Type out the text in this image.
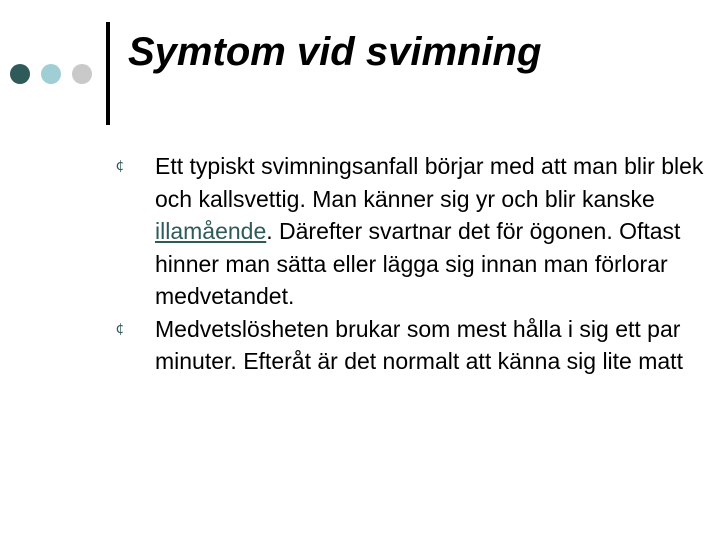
Symtom vid svimning
¢ Ett typiskt svimningsanfall börjar med att man blir blek och kallsvettig. Man känner sig yr och blir kanske illamående. Därefter svartnar det för ögonen. Oftast hinner man sätta eller lägga sig innan man förlorar medvetandet.
¢ Medvetslösheten brukar som mest hålla i sig ett par minuter. Efteråt är det normalt att känna sig lite matt
